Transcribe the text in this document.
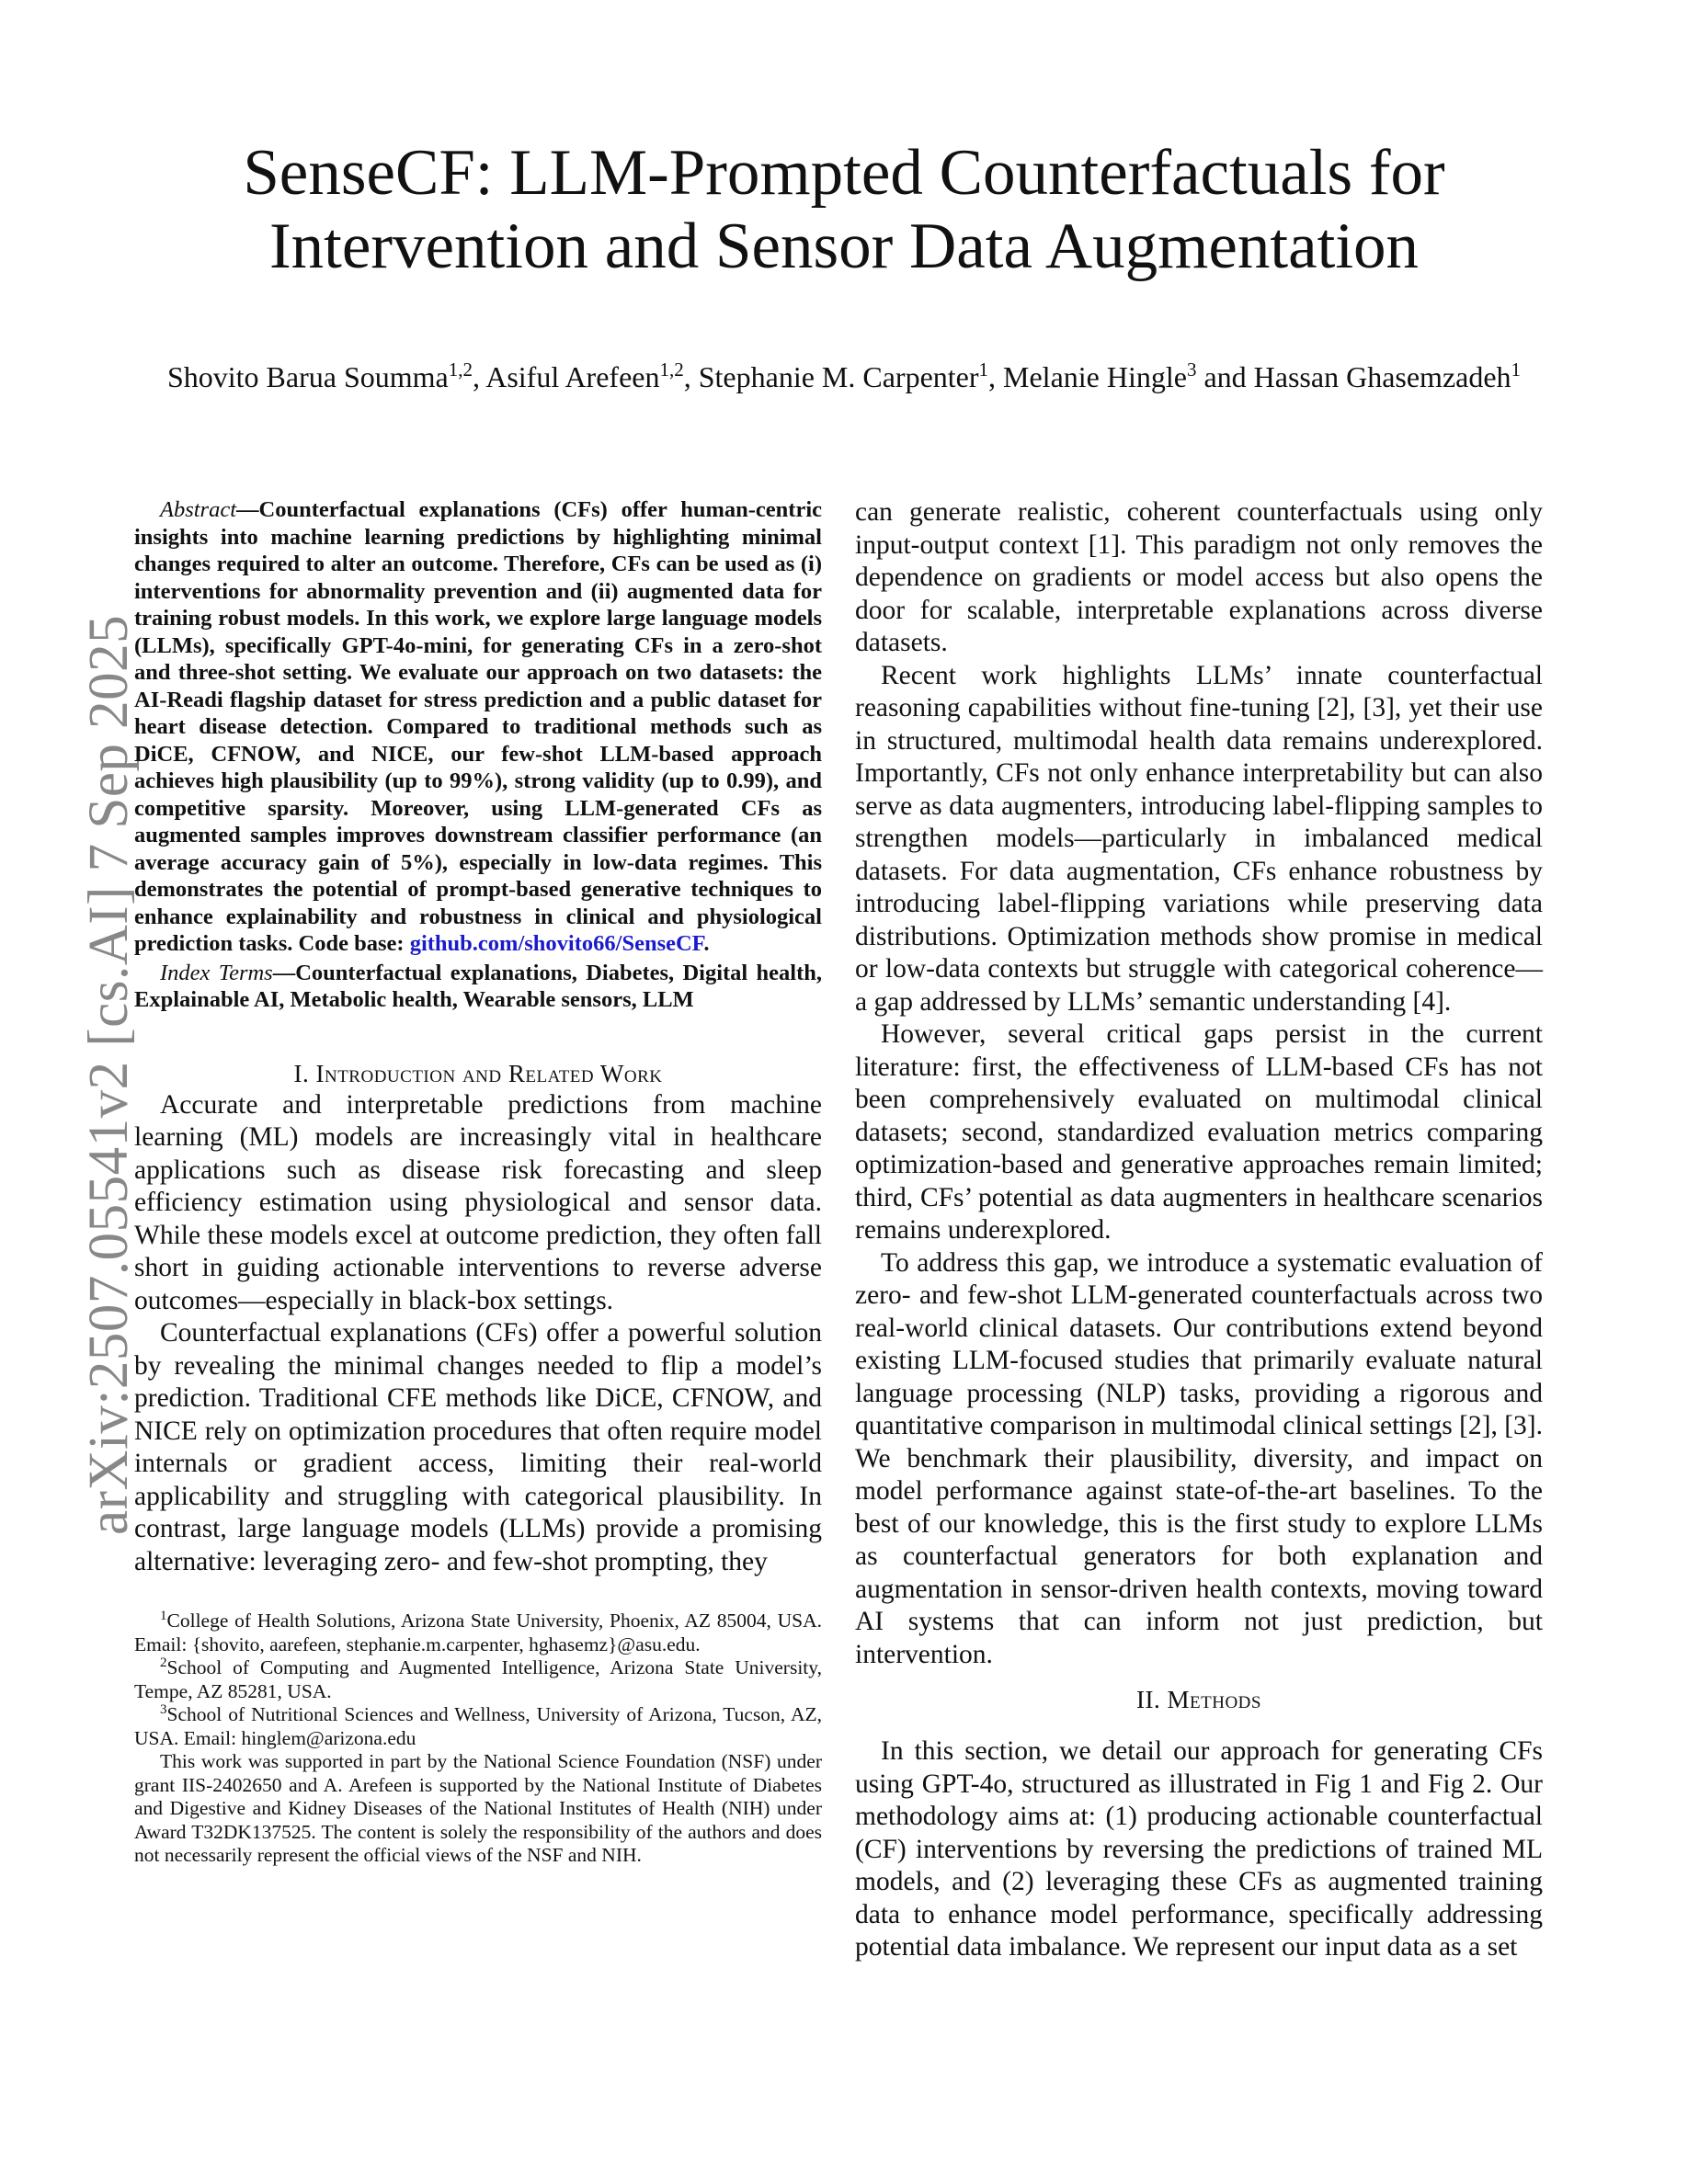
arXiv:2507.05541v2 [cs.AI] 7 Sep 2025
SenseCF: LLM-Prompted Counterfactuals for
Intervention and Sensor Data Augmentation
Shovito Barua Soumma$^{1,2}$, Asiful Arefeen$^{1,2}$, Stephanie M. Carpenter$^1$, Melanie Hingle$^3$ and Hassan Ghasemzadeh$^1$

Abstract—Counterfactual explanations (CFs) offer human-centric insights into machine learning predictions by highlighting minimal changes required to alter an outcome. Therefore, CFs can be used as (i) interventions for abnormality prevention and (ii) augmented data for training robust models. In this work, we explore large language models (LLMs), specifically GPT-4o-mini, for generating CFs in a zero-shot and three-shot setting. We evaluate our approach on two datasets: the AI-Readi flagship dataset for stress prediction and a public dataset for heart disease detection. Compared to traditional methods such as DiCE, CFNOW, and NICE, our few-shot LLM-based approach achieves high plausibility (up to 99%), strong validity (up to 0.99), and competitive sparsity. Moreover, using LLM-generated CFs as augmented samples improves downstream classifier performance (an average accuracy gain of 5%), especially in low-data regimes. This demonstrates the potential of prompt-based generative techniques to enhance explainability and robustness in clinical and physiological prediction tasks. Code base: github.com/shovito66/SenseCF.

Index Terms—Counterfactual explanations, Diabetes, Digital health, Explainable AI, Metabolic health, Wearable sensors, LLM

I. Introduction and Related Work

Accurate and interpretable predictions from machine learning (ML) models are increasingly vital in healthcare applications such as disease risk forecasting and sleep efficiency estimation using physiological and sensor data. While these models excel at outcome prediction, they often fall short in guiding actionable interventions to reverse adverse outcomes—especially in black-box settings.

Counterfactual explanations (CFs) offer a powerful solution by revealing the minimal changes needed to flip a model’s prediction. Traditional CFE methods like DiCE, CFNOW, and NICE rely on optimization procedures that often require model internals or gradient access, limiting their real-world applicability and struggling with categorical plausibility. In contrast, large language models (LLMs) provide a promising alternative: leveraging zero- and few-shot prompting, they

$^1$College of Health Solutions, Arizona State University, Phoenix, AZ 85004, USA. Email: {shovito, aarefeen, stephanie.m.carpenter, hghasemz}@asu.edu.

$^2$School of Computing and Augmented Intelligence, Arizona State University, Tempe, AZ 85281, USA.

$^3$School of Nutritional Sciences and Wellness, University of Arizona, Tucson, AZ, USA. Email: hinglem@arizona.edu

This work was supported in part by the National Science Foundation (NSF) under grant IIS-2402650 and A. Arefeen is supported by the National Institute of Diabetes and Digestive and Kidney Diseases of the National Institutes of Health (NIH) under Award T32DK137525. The content is solely the responsibility of the authors and does not necessarily represent the official views of the NSF and NIH.

can generate realistic, coherent counterfactuals using only input-output context [1]. This paradigm not only removes the dependence on gradients or model access but also opens the door for scalable, interpretable explanations across diverse datasets.

Recent work highlights LLMs’ innate counterfactual reasoning capabilities without fine-tuning [2], [3], yet their use in structured, multimodal health data remains underexplored. Importantly, CFs not only enhance interpretability but can also serve as data augmenters, introducing label-flipping samples to strengthen models—particularly in imbalanced medical datasets. For data augmentation, CFs enhance robustness by introducing label-flipping variations while preserving data distributions. Optimization methods show promise in medical or low-data contexts but struggle with categorical coherence—a gap addressed by LLMs’ semantic understanding [4].

However, several critical gaps persist in the current literature: first, the effectiveness of LLM-based CFs has not been comprehensively evaluated on multimodal clinical datasets; second, standardized evaluation metrics comparing optimization-based and generative approaches remain limited; third, CFs’ potential as data augmenters in healthcare scenarios remains underexplored.

To address this gap, we introduce a systematic evaluation of zero- and few-shot LLM-generated counterfactuals across two real-world clinical datasets. Our contributions extend beyond existing LLM-focused studies that primarily evaluate natural language processing (NLP) tasks, providing a rigorous and quantitative comparison in multimodal clinical settings [2], [3]. We benchmark their plausibility, diversity, and impact on model performance against state-of-the-art baselines. To the best of our knowledge, this is the first study to explore LLMs as counterfactual generators for both explanation and augmentation in sensor-driven health contexts, moving toward AI systems that can inform not just prediction, but intervention.

II. Methods

In this section, we detail our approach for generating CFs using GPT-4o, structured as illustrated in Fig 1 and Fig 2. Our methodology aims at: (1) producing actionable counterfactual (CF) interventions by reversing the predictions of trained ML models, and (2) leveraging these CFs as augmented training data to enhance model performance, specifically addressing potential data imbalance. We represent our input data as a set
